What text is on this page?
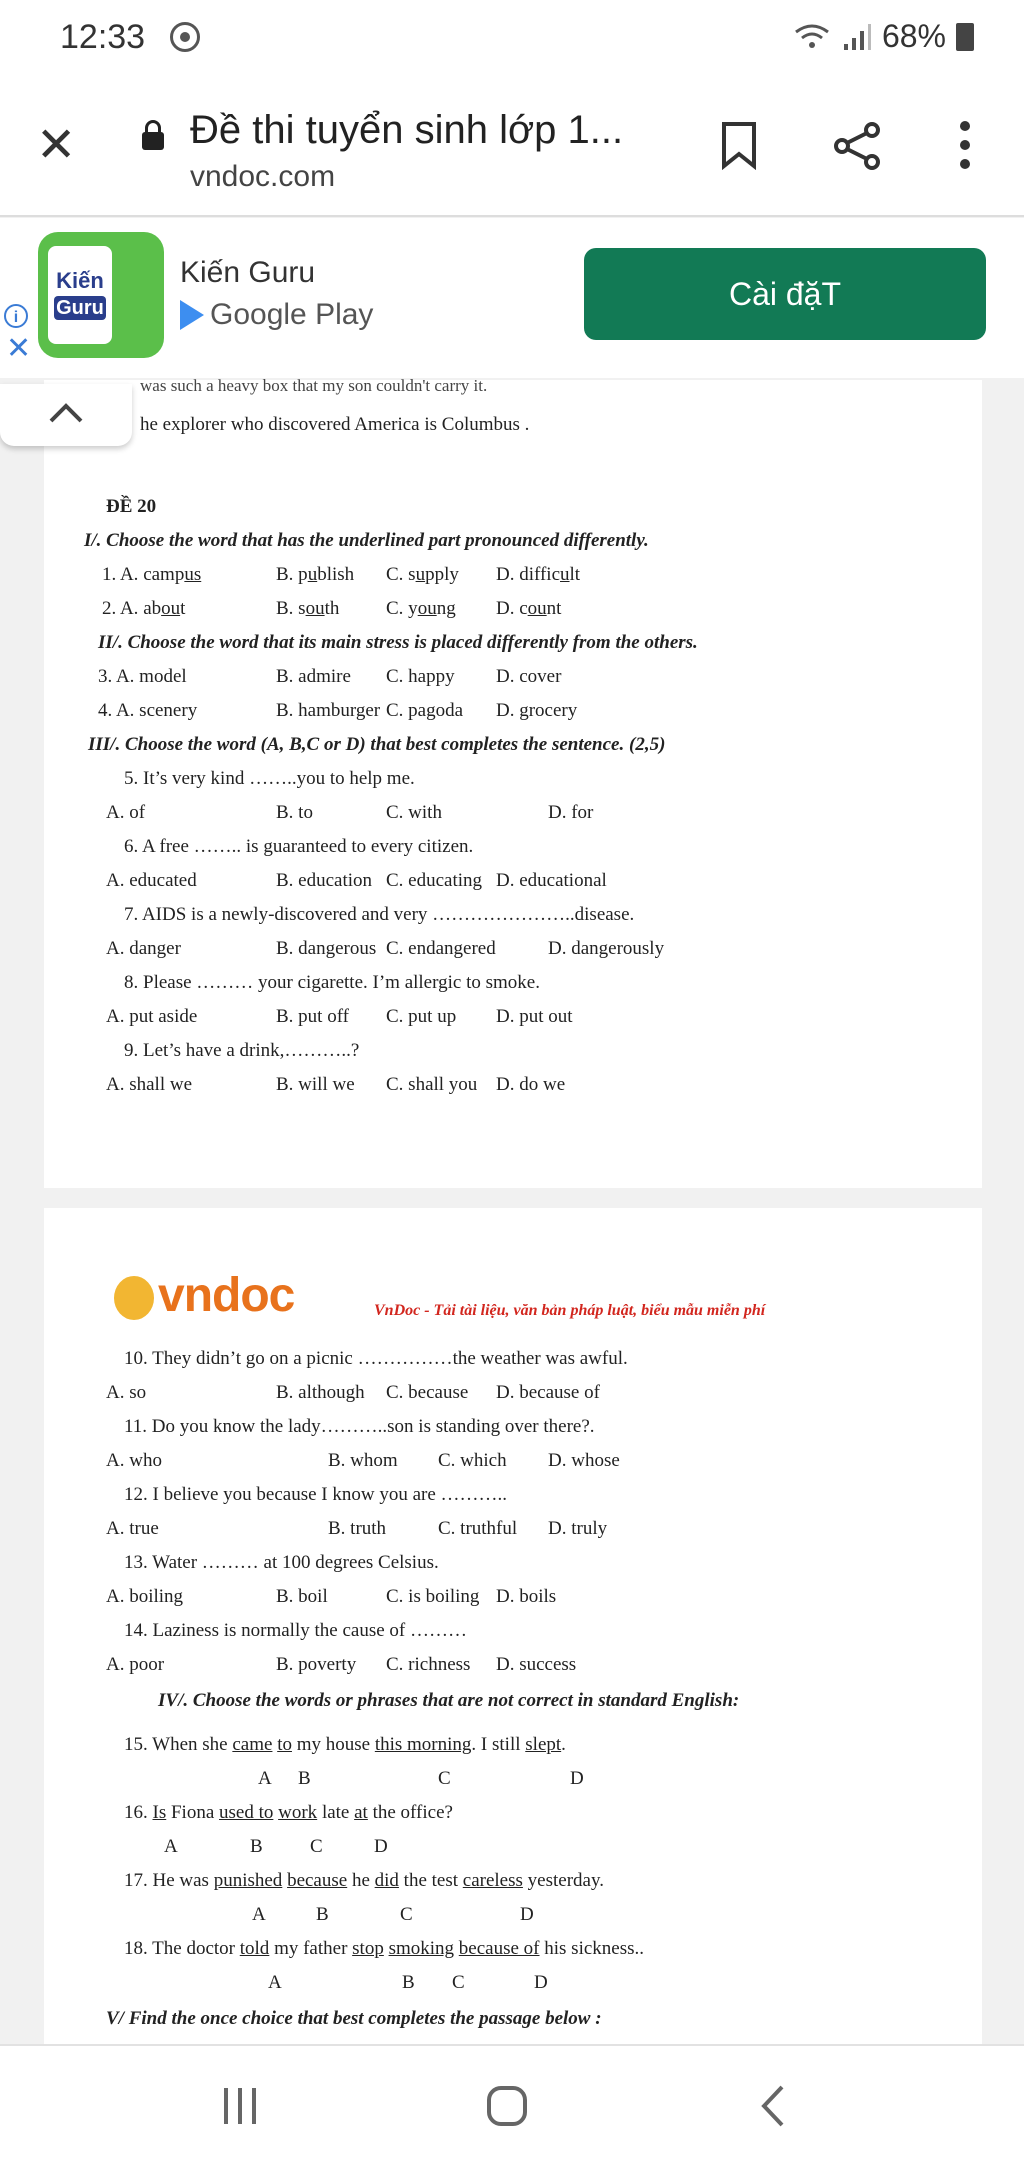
12:33	68%
✕	Đề thi tuyển sinh lớp 1...
vndoc.com
Kiến
Guru
i
✕
Kiến Guru
Google Play
Cài đặT
was such a heavy box that my son couldn't carry it.
he explorer who discovered America is Columbus .
ĐỀ 20
I/. Choose the word that has the underlined part pronounced differently.
1. A. campus	B. publish C. supply D. difficult
2. A. about	B. south C. young D. count
II/. Choose the word that its main stress is placed differently from the others.
3. A. model	B. admire C. happy D. cover
4. A. scenery	B. hamburger C. pagoda D. grocery
III/. Choose the word (A, B,C or D) that best completes the sentence. (2,5)
5. It’s very kind ……..you to help me.
A. of	B. to	C. with	D. for
6. A free …….. is guaranteed to every citizen.
A. educated	B. education C. educating D. educational
7. AIDS is a newly-discovered and very …………………..disease.
A. danger	B. dangerous C. endangered	D. dangerously
8. Please ……… your cigarette. I’m allergic to smoke.
A. put aside	B. put off C. put up D. put out
9. Let’s have a drink,………..?
A. shall we	B. will we C. shall you D. do we
vndoc	VnDoc - Tải tài liệu, văn bản pháp luật, biểu mẫu miễn phí
10. They didn’t go on a picnic ……………the weather was awful.
A. so	B. although C. because D. because of
11. Do you know the lady………..son is standing over there?.
A. who	B. whom C. which D. whose
12. I believe you because I know you are ………..
A. true	B. truth	C. truthful D. truly
13. Water ……… at 100 degrees Celsius.
A. boiling	B. boil	C. is boiling D. boils
14. Laziness is normally the cause of ………
A. poor	B. poverty C. richness D. success
IV/. Choose the words or phrases that are not correct in standard English:
15. When she came to my house this morning. I still slept.
A B	C	D
16. Is Fiona used to work late at the office?
A	B C	D
17. He was punished because he did the test careless yesterday.
A	B	C	D
18. The doctor told my father stop smoking because of his sickness..
A	B C	D
V/ Find the once choice that best completes the passage below :
